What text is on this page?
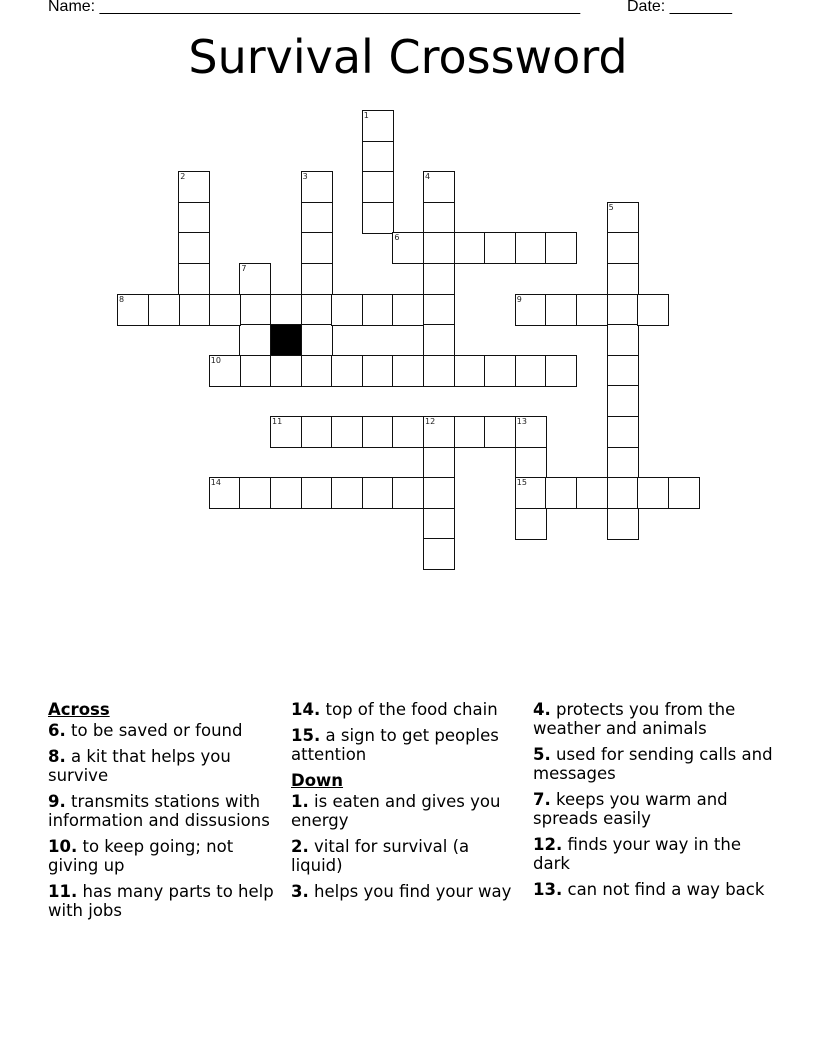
Name: ______________________________________________________	Date: _______
Survival Crossword
1
2	3	4
5
6
7
8	9
10
11	12	13
15
14
Across
6. to be saved or found
8. a kit that helps you survive
9. transmits stations with information and dissusions
10. to keep going; not giving up
11. has many parts to help with jobs
14. top of the food chain
15. a sign to get peoples attention
Down
1. is eaten and gives you energy
2. vital for survival (a liquid)
3. helps you find your way
4. protects you from the weather and animals
5. used for sending calls and messages
7. keeps you warm and spreads easily
12. finds your way in the dark
13. can not find a way back
